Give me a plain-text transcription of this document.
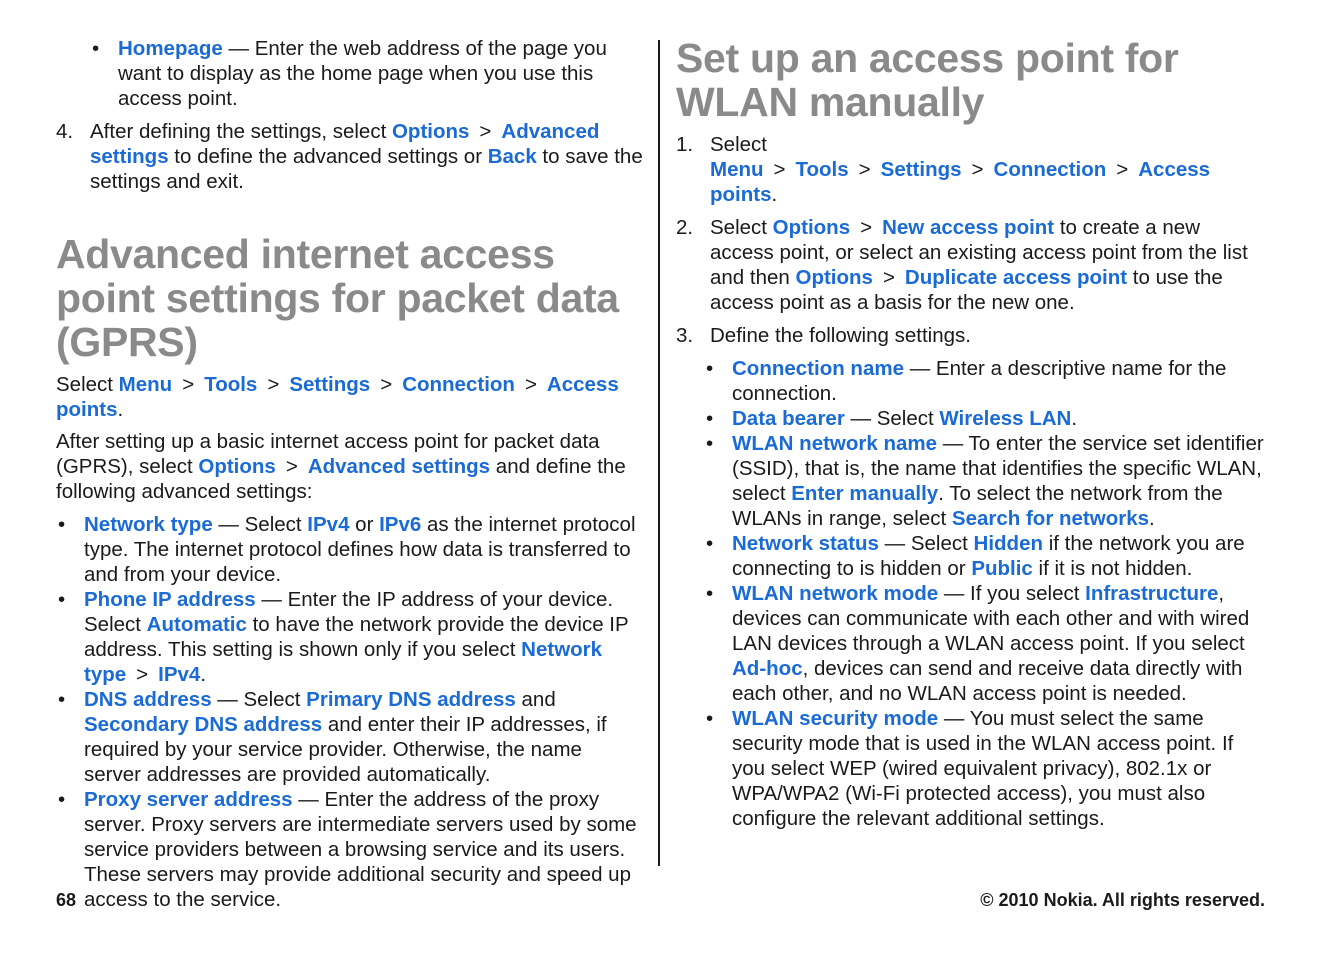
• Homepage — Enter the web address of the page you want to display as the home page when you use this access point.
4. After defining the settings, select Options > Advanced settings to define the advanced settings or Back to save the settings and exit.
Advanced internet access point settings for packet data (GPRS)

Select Menu > Tools > Settings > Connection > Access points.

After setting up a basic internet access point for packet data (GPRS), select Options > Advanced settings and define the following advanced settings:

• Network type — Select IPv4 or IPv6 as the internet protocol type. The internet protocol defines how data is transferred to and from your device.
• Phone IP address — Enter the IP address of your device. Select Automatic to have the network provide the device IP address. This setting is shown only if you select Network type > IPv4.
• DNS address — Select Primary DNS address and Secondary DNS address and enter their IP addresses, if required by your service provider. Otherwise, the name server addresses are provided automatically.
• Proxy server address — Enter the address of the proxy server. Proxy servers are intermediate servers used by some service providers between a browsing service and its users. These servers may provide additional security and speed up access to the service.
Set up an access point for WLAN manually
1. Select Menu > Tools > Settings > Connection > Access points.
2. Select Options > New access point to create a new access point, or select an existing access point from the list and then Options > Duplicate access point to use the access point as a basis for the new one.
3. Define the following settings.
• Connection name — Enter a descriptive name for the connection.
• Data bearer — Select Wireless LAN.
• WLAN network name — To enter the service set identifier (SSID), that is, the name that identifies the specific WLAN, select Enter manually. To select the network from the WLANs in range, select Search for networks.
• Network status — Select Hidden if the network you are connecting to is hidden or Public if it is not hidden.
• WLAN network mode — If you select Infrastructure, devices can communicate with each other and with wired LAN devices through a WLAN access point. If you select Ad-hoc, devices can send and receive data directly with each other, and no WLAN access point is needed.
• WLAN security mode — You must select the same security mode that is used in the WLAN access point. If you select WEP (wired equivalent privacy), 802.1x or WPA/WPA2 (Wi-Fi protected access), you must also configure the relevant additional settings.
68	© 2010 Nokia. All rights reserved.
